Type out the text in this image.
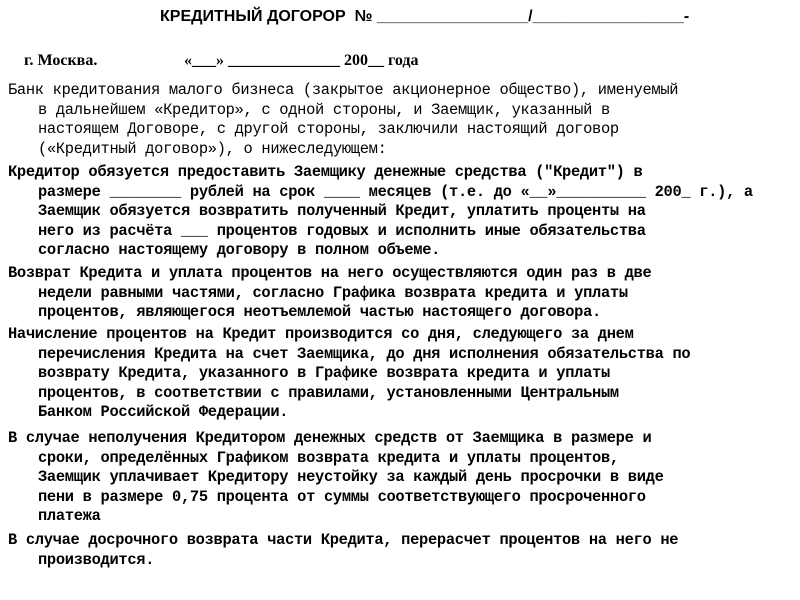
КРЕДИТНЫЙ ДОГОРОР  № _________________/_________________-

г. Москва.	«___» ______________ 200__ года

Банк кредитования малого бизнеса (закрытое акционерное общество), именуемый
в дальнейшем «Кредитор», с одной стороны, и Заемщик, указанный в
настоящем Договоре, с другой стороны, заключили настоящий договор
(«Кредитный договор»), о нижеследующем:
Кредитор обязуется предоставить Заемщику денежные средства ("Кредит") в
размере ________ рублей на срок ____ месяцев (т.е. до «__»__________ 200_ г.), а
Заемщик обязуется возвратить полученный Кредит, уплатить проценты на
него из расчёта ___ процентов годовых и исполнить иные обязательства
согласно настоящему договору в полном объеме.
Возврат Кредита и уплата процентов на него осуществляются один раз в две
недели равными частями, согласно Графика возврата кредита и уплаты
процентов, являющегося неотъемлемой частью настоящего договора.
Начисление процентов на Кредит производится со дня, следующего за днем
перечисления Кредита на счет Заемщика, до дня исполнения обязательства по
возврату Кредита, указанного в Графике возврата кредита и уплаты
процентов, в соответствии с правилами, установленными Центральным
Банком Российской Федерации.
В случае неполучения Кредитором денежных средств от Заемщика в размере и
сроки, определённых Графиком возврата кредита и уплаты процентов,
Заемщик уплачивает Кредитору неустойку за каждый день просрочки в виде
пени в размере 0,75 процента от суммы соответствующего просроченного
платежа
В случае досрочного возврата части Кредита, перерасчет процентов на него не
производится.
